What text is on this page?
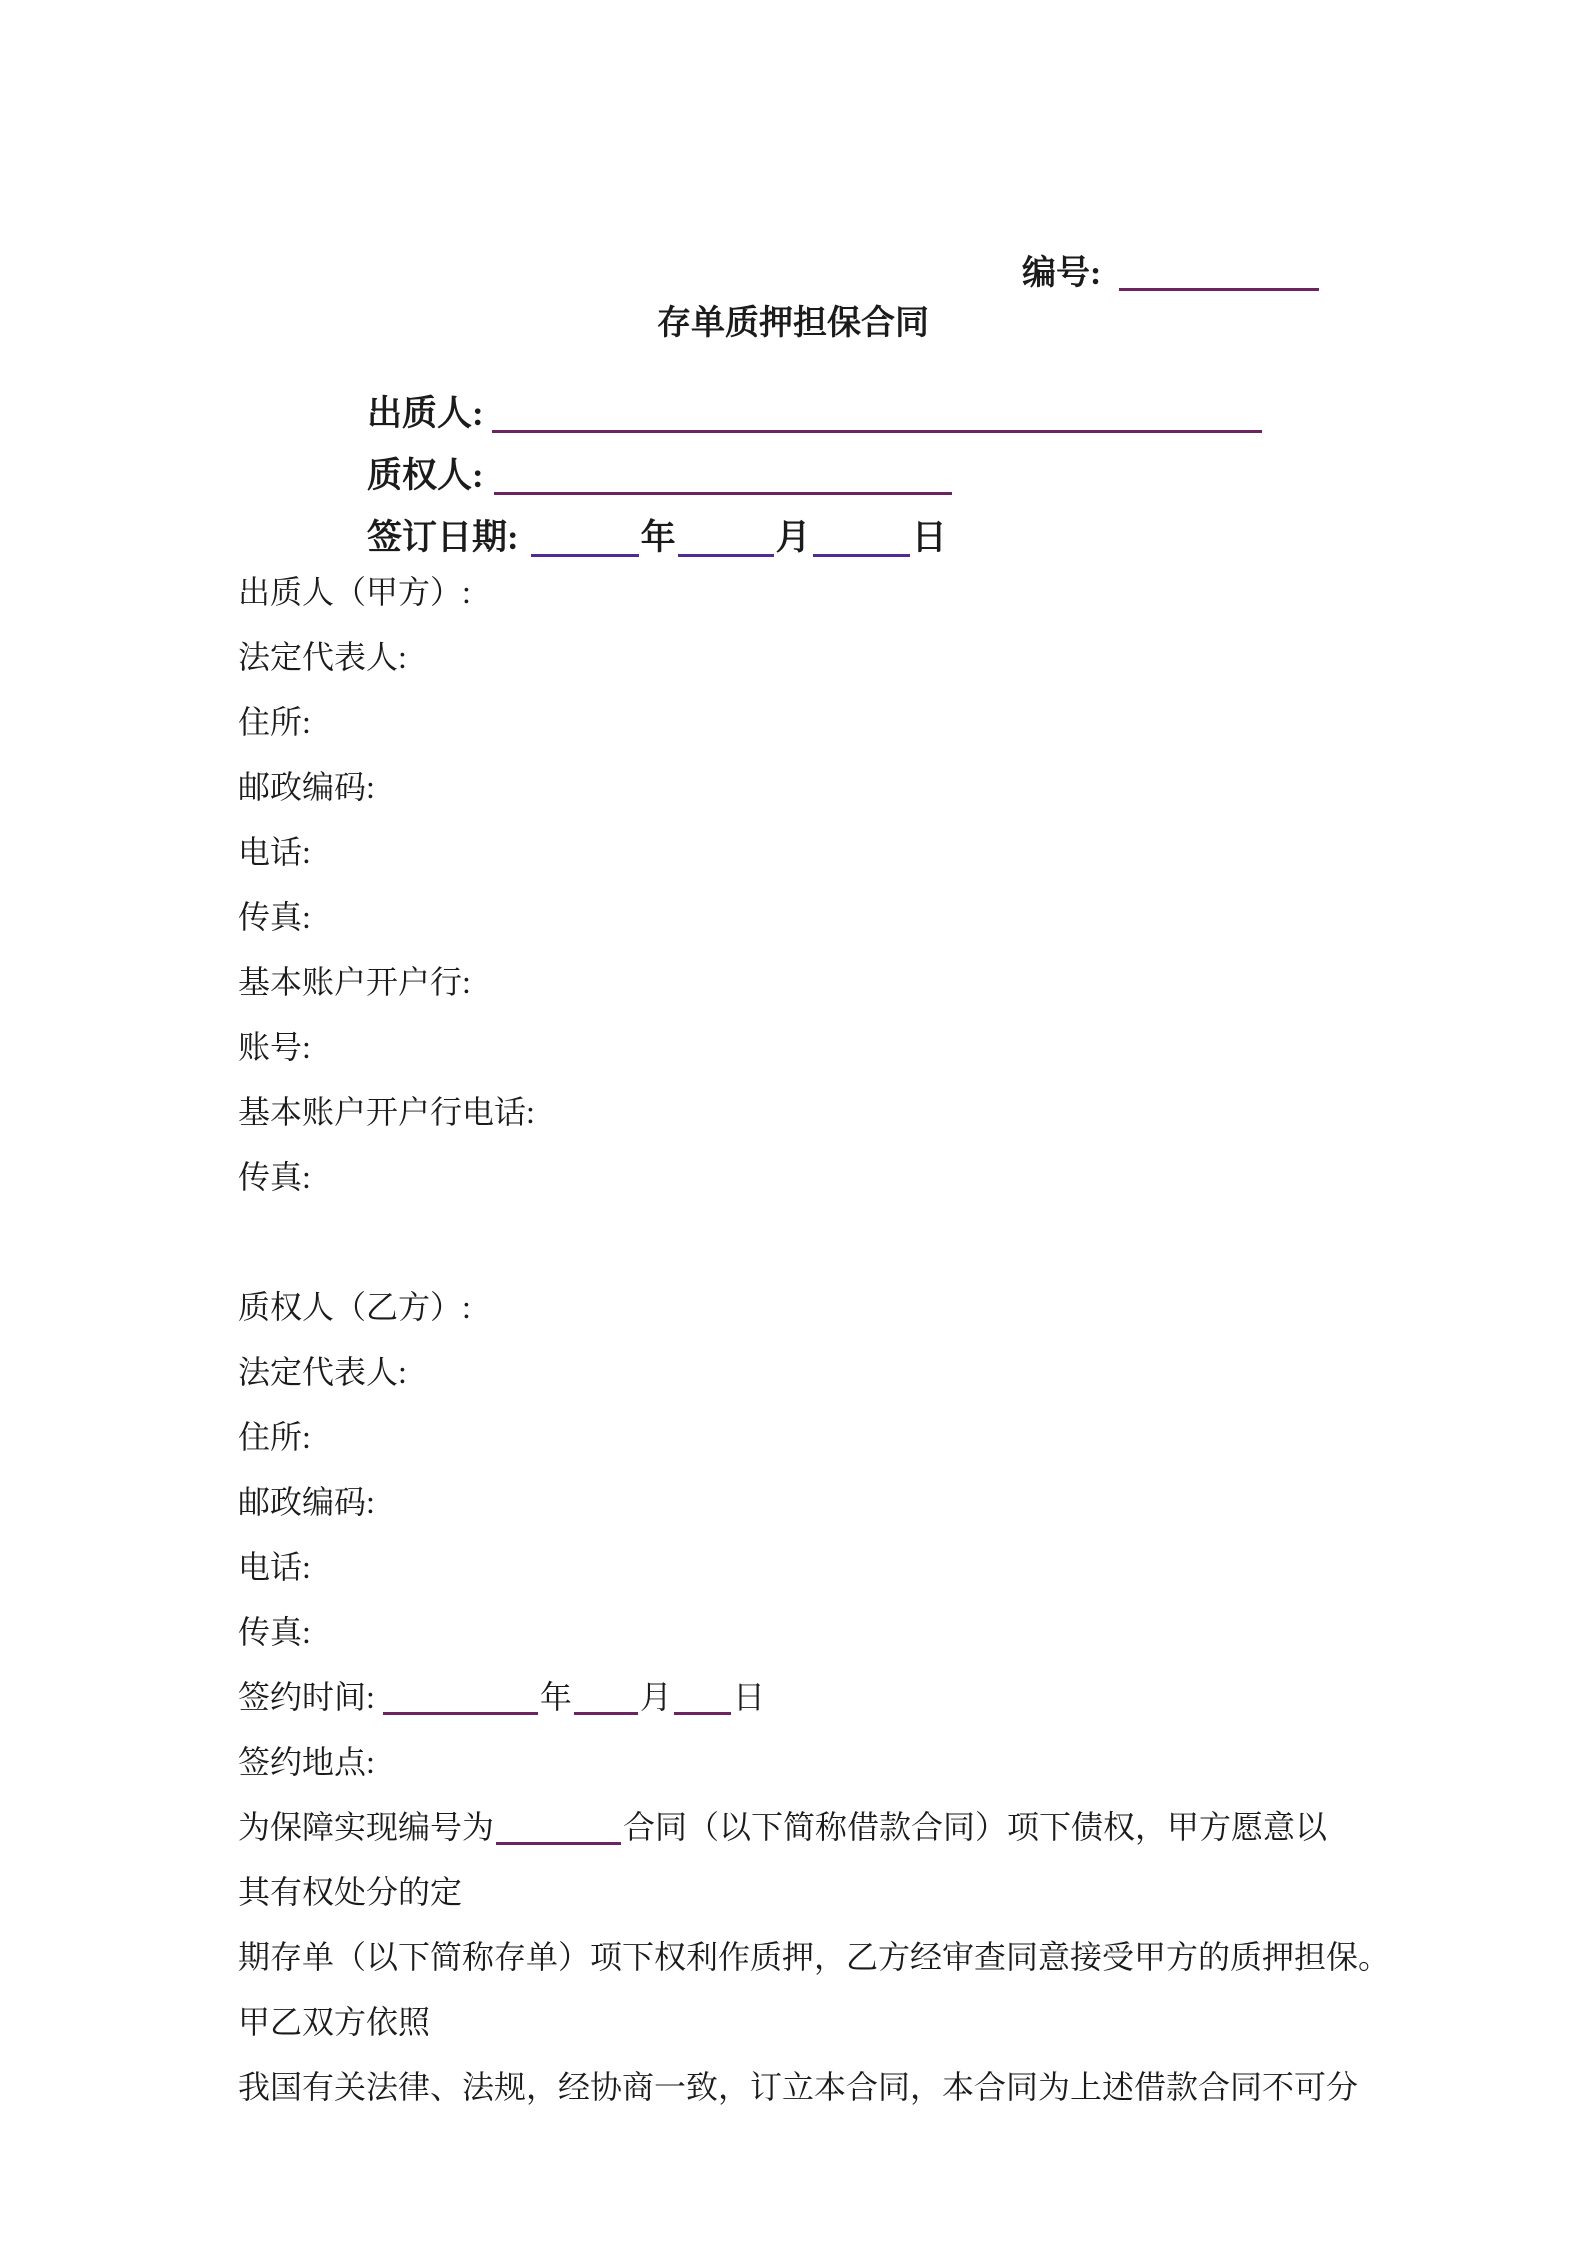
编号:
存单质押担保合同
出质人:
质权人:
签订日期:	年	月	日
出质人（甲方）:
法定代表人:
住所:
邮政编码:
电话:
传真:
基本账户开户行:
账号:
基本账户开户行电话:
传真:
质权人（乙方）:
法定代表人:
住所:
邮政编码:
电话:
传真:
签约时间:	年 月 日
签约地点:
为保障实现编号为	合同（以下简称借款合同）项下债权，甲方愿意以
其有权处分的定
期存单（以下简称存单）项下权利作质押，乙方经审查同意接受甲方的质押担保。
甲乙双方依照
我国有关法律、法规，经协商一致，订立本合同，本合同为上述借款合同不可分
